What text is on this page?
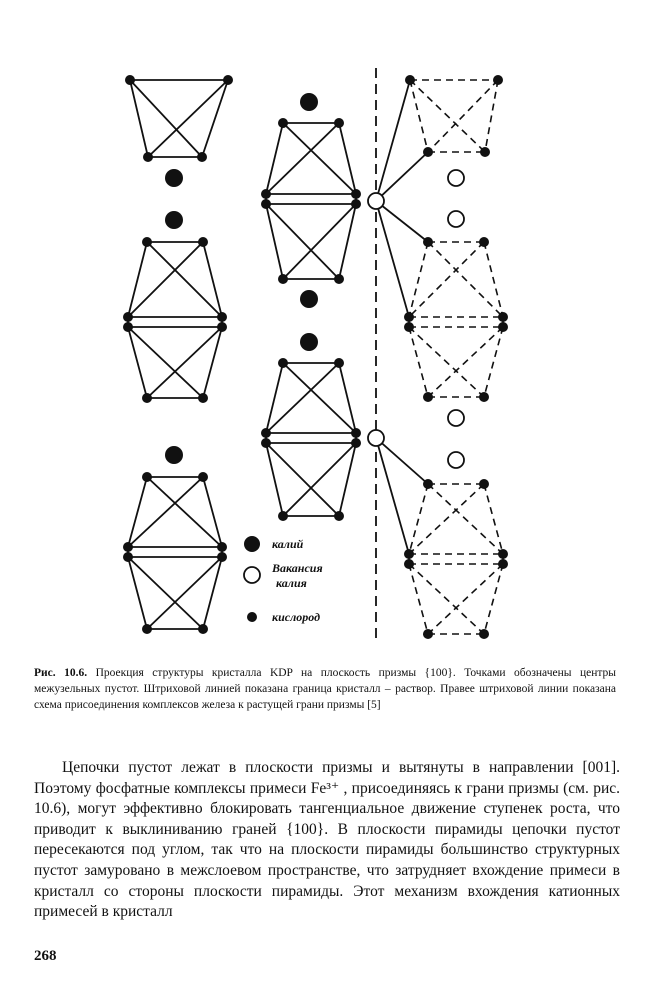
калий
Ваканcия
калия
кислород
Рис. 10.6. Проекция структуры кристалла KDP на плоскость призмы {100}. Точками обозначены центры межузельных пустот. Штриховой линией показана граница кристалл – раствор. Правее штриховой линии показана схема присоединения комплексов железа к растущей грани призмы [5]

Цепочки пустот лежат в плоскости призмы и вытянуты в направлении [001]. Поэтому фосфатные комплексы примеси Fe³⁺ , присоединяясь к грани призмы (см. рис. 10.6), могут эффективно блокировать тангенциальное движение ступенек роста, что приводит к выклиниванию граней {100}. В плоскости пирамиды цепочки пустот пересекаются под углом, так что на плоскости пирамиды большинство структурных пустот замуровано в межслоевом пространстве, что затрудняет вхождение примеси в кристалл со стороны плоскости пирамиды. Этот механизм вхождения катионных примесей в кристалл

268
